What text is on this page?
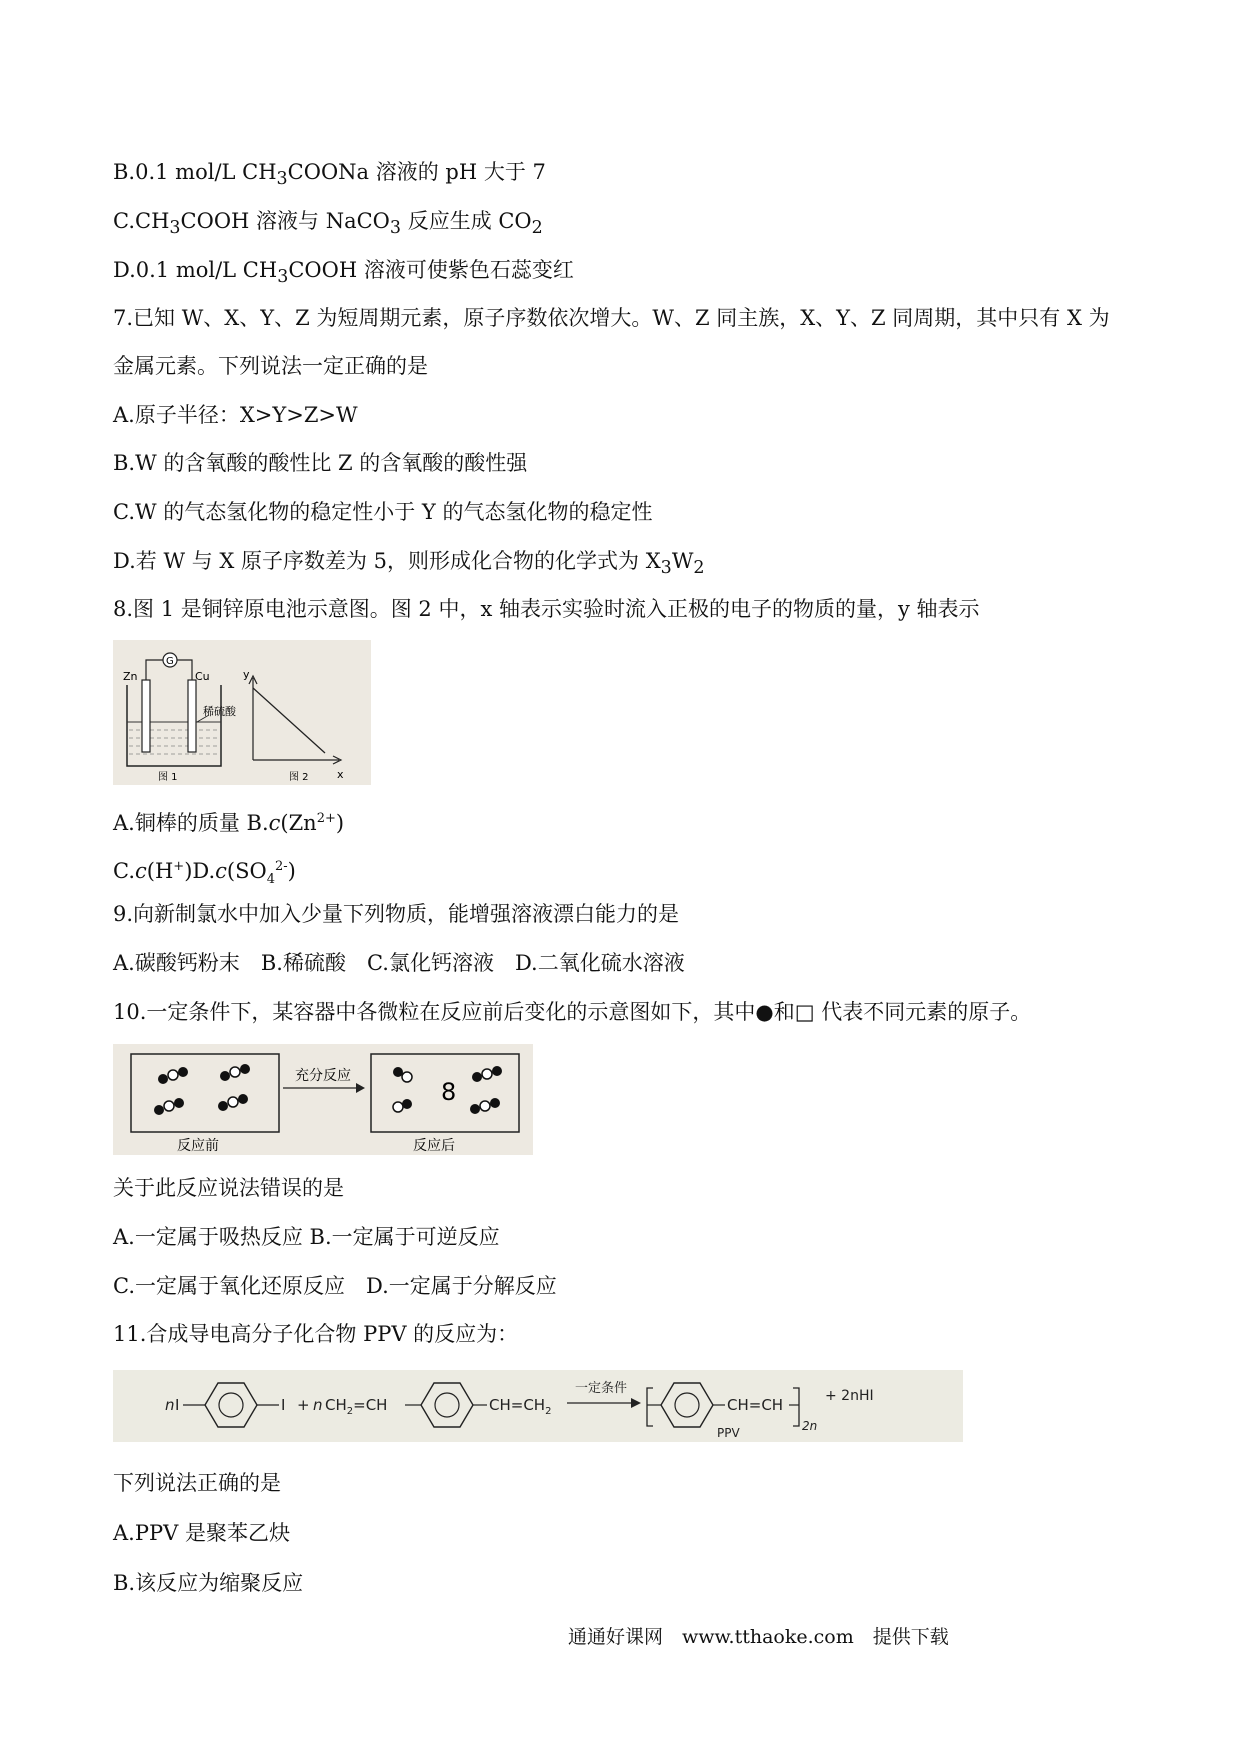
B.0.1 mol/L $CH_3COONa$ 溶液的 pH 大于 7
$C.CH_3COOH$ 溶液与 NaCO$_3$ 反应生成 $CO_2$
D.0.1 mol/L $CH_3COOH$ 溶液可使紫色石蕊变红
7.已知 W、X、Y、Z 为短周期元素，原子序数依次增大。W、Z 同主族，X、Y、Z 同周期，其中只有 X 为
金属元素。下列说法一定正确的是
A.原子半径：X>Y>Z>W
B.W 的含氧酸的酸性比 Z 的含氧酸的酸性强
C.W 的气态氢化物的稳定性小于 Y 的气态氢化物的稳定性
D.若 W 与 X 原子序数差为 5，则形成化合物的化学式为 $X_3W_2$
8.图 1 是铜锌原电池示意图。图 2 中，x 轴表示实验时流入正极的电子的物质的量，y 轴表示
G
Zn	Cu
稀硫酸
图 1
y
x
图 2
A.铜棒的质量 $B.c(Zn^{2+})$
$C.c(H^+)D.c(SO_4^{2-})$
9.向新制氯水中加入少量下列物质，能增强溶液漂白能力的是
A.碳酸钙粉末　B.稀硫酸　C.氯化钙溶液　D.二氧化硫水溶液
10.一定条件下，某容器中各微粒在反应前后变化的示意图如下，其中●和□ 代表不同元素的原子。
充分反应
8
反应前	反应后
关于此反应说法错误的是
A.一定属于吸热反应 B.一定属于可逆反应
C.一定属于氧化还原反应　D.一定属于分解反应
11.合成导电高分子化合物 PPV 的反应为：
n I	I + n $CH_2=CH$	$CH=CH_2$
一定条件
CH=CH
2n
+ 2nHI
PPV
下列说法正确的是
A.PPV 是聚苯乙炔
B.该反应为缩聚反应
通通好课网　www.tthaoke.com　提供下载
